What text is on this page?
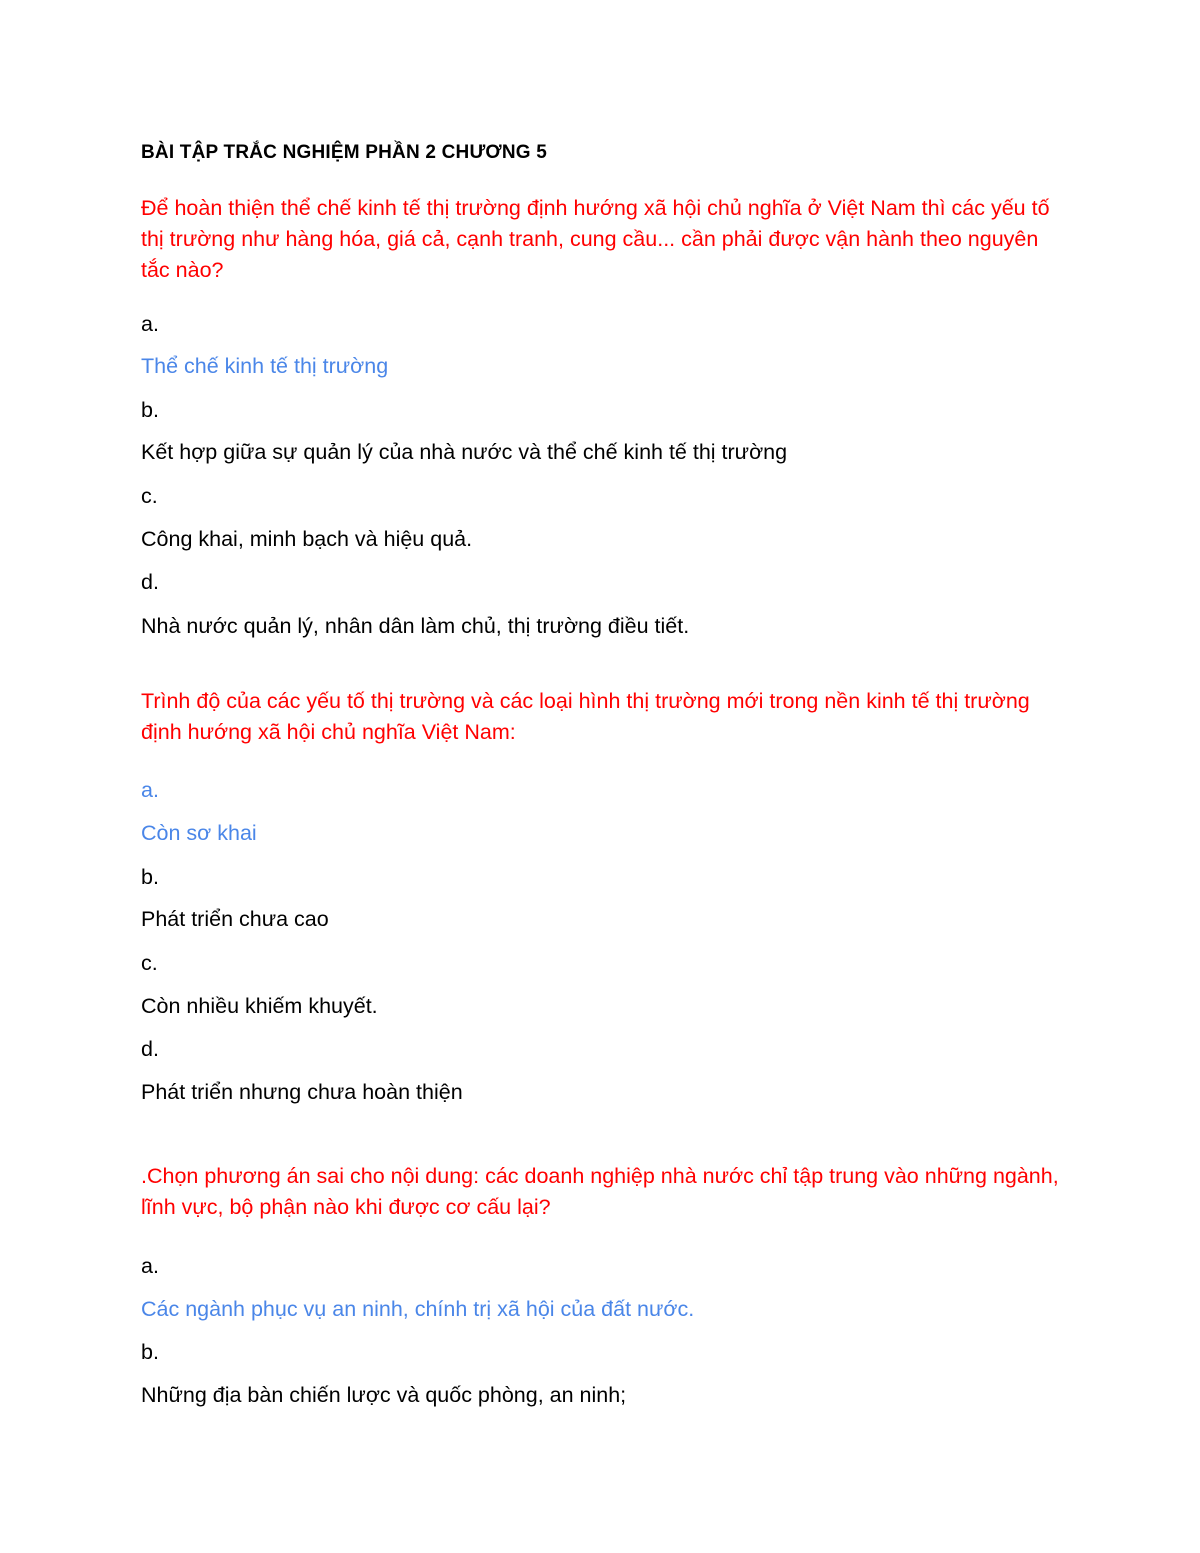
BÀI TẬP TRẮC NGHIỆM PHẦN 2 CHƯƠNG 5
Để hoàn thiện thể chế kinh tế thị trường định hướng xã hội chủ nghĩa ở Việt Nam thì các yếu tố thị trường như hàng hóa, giá cả, cạnh tranh, cung cầu... cần phải được vận hành theo nguyên tắc nào?
a.
Thể chế kinh tế thị trường
b.
Kết hợp giữa sự quản lý của nhà nước và thể chế kinh tế thị trường
c.
Công khai, minh bạch và hiệu quả.
d.
Nhà nước quản lý, nhân dân làm chủ, thị trường điều tiết.
Trình độ của các yếu tố thị trường và các loại hình thị trường mới trong nền kinh tế thị trường định hướng xã hội chủ nghĩa Việt Nam:
a.
Còn sơ khai
b.
Phát triển chưa cao
c.
Còn nhiều khiếm khuyết.
d.
Phát triển nhưng chưa hoàn thiện
.Chọn phương án sai cho nội dung: các doanh nghiệp nhà nước chỉ tập trung vào những ngành, lĩnh vực, bộ phận nào khi được cơ cấu lại?
a.
Các ngành phục vụ an ninh, chính trị xã hội của đất nước.
b.
Những địa bàn chiến lược và quốc phòng, an ninh;
